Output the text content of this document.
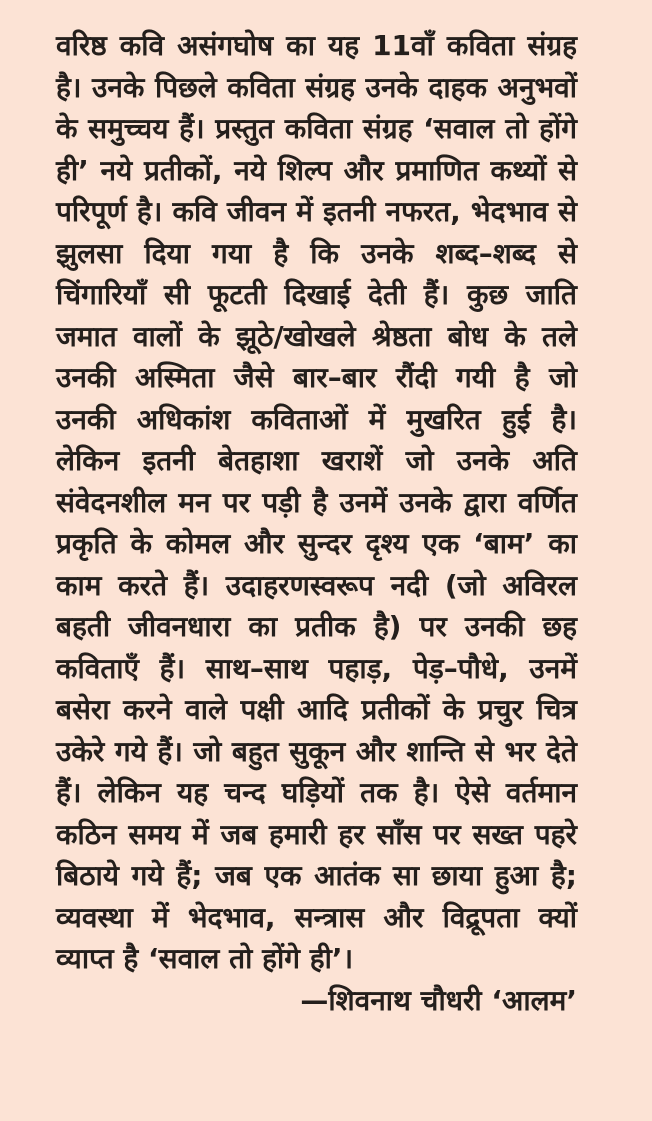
वरिष्ठ कवि असंगघोष का यह 11वाँ कविता संग्रह
है। उनके पिछले कविता संग्रह उनके दाहक अनुभवों
के समुच्चय हैं। प्रस्तुत कविता संग्रह ‘सवाल तो होंगे
ही’ नये प्रतीकों, नये शिल्प और प्रमाणित कथ्यों से
परिपूर्ण है। कवि जीवन में इतनी नफरत, भेदभाव से
झुलसा दिया गया है कि उनके शब्द–शब्द से
चिंगारियाँ सी फूटती दिखाई देती हैं। कुछ जाति
जमात वालों के झूठे/खोखले श्रेष्ठता बोध के तले
उनकी अस्मिता जैसे बार–बार रौंदी गयी है जो
उनकी अधिकांश कविताओं में मुखरित हुई है।
लेकिन इतनी बेतहाशा खराशें जो उनके अति
संवेदनशील मन पर पड़ी है उनमें उनके द्वारा वर्णित
प्रकृति के कोमल और सुन्दर दृश्य एक ‘बाम’ का
काम करते हैं। उदाहरणस्वरूप नदी (जो अविरल
बहती जीवनधारा का प्रतीक है) पर उनकी छह
कविताएँ हैं। साथ–साथ पहाड़, पेड़–पौधे, उनमें
बसेरा करने वाले पक्षी आदि प्रतीकों के प्रचुर चित्र
उकेरे गये हैं। जो बहुत सुकून और शान्ति से भर देते
हैं। लेकिन यह चन्द घड़ियों तक है। ऐसे वर्तमान
कठिन समय में जब हमारी हर साँस पर सख्त पहरे
बिठाये गये हैं; जब एक आतंक सा छाया हुआ है;
व्यवस्था में भेदभाव, सन्त्रास और विद्रूपता क्यों
व्याप्त है ‘सवाल तो होंगे ही’।
—शिवनाथ चौधरी ‘आलम’
